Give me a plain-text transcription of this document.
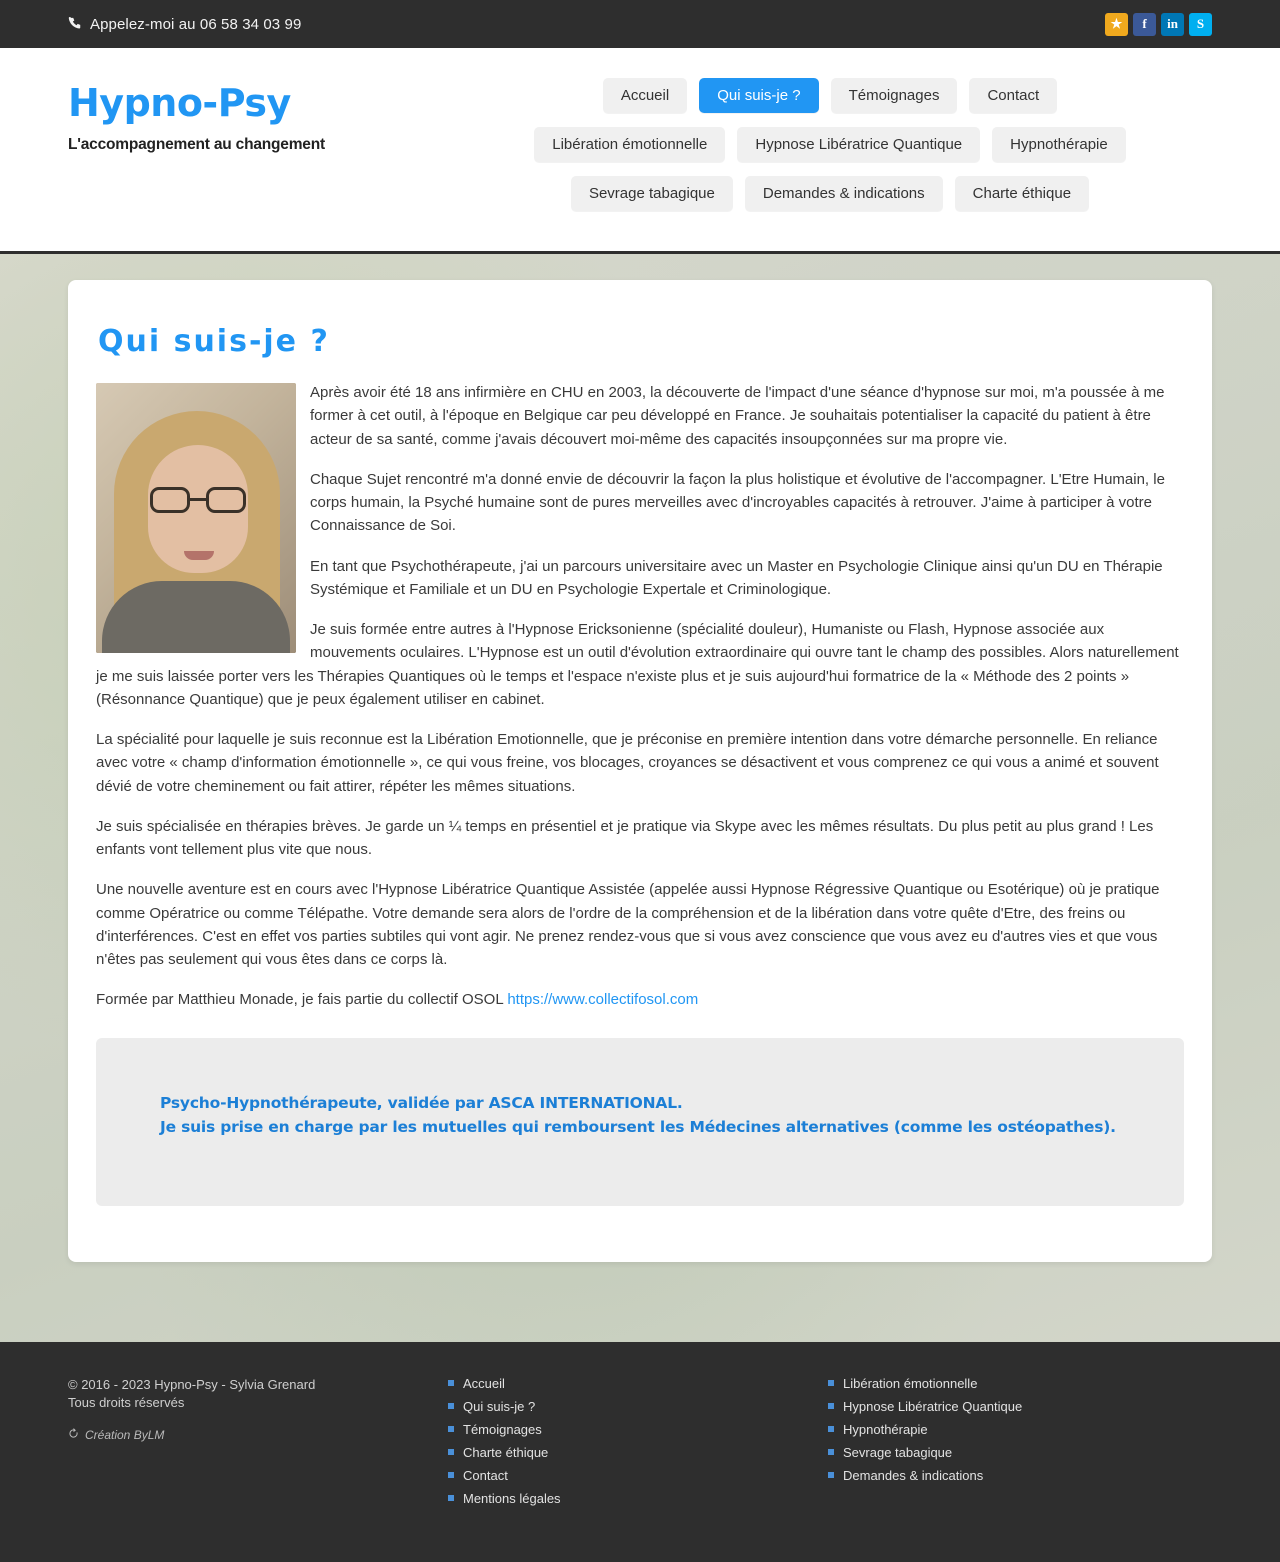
Appelez-moi au 06 58 34 03 99	★	f	in	S
Hypno-Psy
L'accompagnement au changement
Accueil	Qui suis-je ?	Témoignages	Contact
Libération émotionnelle	Hypnose Libératrice Quantique	Hypnothérapie
Sevrage tabagique	Demandes & indications	Charte éthique
Qui suis-je ?

Après avoir été 18 ans infirmière en CHU en 2003, la découverte de l'impact d'une séance d'hypnose sur moi, m'a poussée à me former à cet outil, à l'époque en Belgique car peu développé en France. Je souhaitais potentialiser la capacité du patient à être acteur de sa santé, comme j'avais découvert moi-même des capacités insoupçonnées sur ma propre vie.

Chaque Sujet rencontré m'a donné envie de découvrir la façon la plus holistique et évolutive de l'accompagner. L'Etre Humain, le corps humain, la Psyché humaine sont de pures merveilles avec d'incroyables capacités à retrouver. J'aime à participer à votre Connaissance de Soi.

En tant que Psychothérapeute, j'ai un parcours universitaire avec un Master en Psychologie Clinique ainsi qu'un DU en Thérapie Systémique et Familiale et un DU en Psychologie Expertale et Criminologique.

Je suis formée entre autres à l'Hypnose Ericksonienne (spécialité douleur), Humaniste ou Flash, Hypnose associée aux mouvements oculaires. L'Hypnose est un outil d'évolution extraordinaire qui ouvre tant le champ des possibles. Alors naturellement je me suis laissée porter vers les Thérapies Quantiques où le temps et l'espace n'existe plus et je suis aujourd'hui formatrice de la « Méthode des 2 points » (Résonnance Quantique) que je peux également utiliser en cabinet.

La spécialité pour laquelle je suis reconnue est la Libération Emotionnelle, que je préconise en première intention dans votre démarche personnelle. En reliance avec votre « champ d'information émotionnelle », ce qui vous freine, vos blocages, croyances se désactivent et vous comprenez ce qui vous a animé et souvent dévié de votre cheminement ou fait attirer, répéter les mêmes situations.

Je suis spécialisée en thérapies brèves. Je garde un ¼ temps en présentiel et je pratique via Skype avec les mêmes résultats. Du plus petit au plus grand ! Les enfants vont tellement plus vite que nous.

Une nouvelle aventure est en cours avec l'Hypnose Libératrice Quantique Assistée (appelée aussi Hypnose Régressive Quantique ou Esotérique) où je pratique comme Opératrice ou comme Télépathe. Votre demande sera alors de l'ordre de la compréhension et de la libération dans votre quête d'Etre, des freins ou d'interférences. C'est en effet vos parties subtiles qui vont agir. Ne prenez rendez-vous que si vous avez conscience que vous avez eu d'autres vies et que vous n'êtes pas seulement qui vous êtes dans ce corps là.

Formée par Matthieu Monade, je fais partie du collectif OSOL https://www.collectifosol.com

Psycho-Hypnothérapeute, validée par ASCA INTERNATIONAL.

Je suis prise en charge par les mutuelles qui remboursent les Médecines alternatives (comme les ostéopathes).

© 2016 - 2023 Hypno-Psy - Sylvia Grenard
Tous droits réservés
Création ByLM
Accueil
Qui suis-je ?
Témoignages
Charte éthique
Contact
Mentions légales
Libération émotionnelle
Hypnose Libératrice Quantique
Hypnothérapie
Sevrage tabagique
Demandes & indications
